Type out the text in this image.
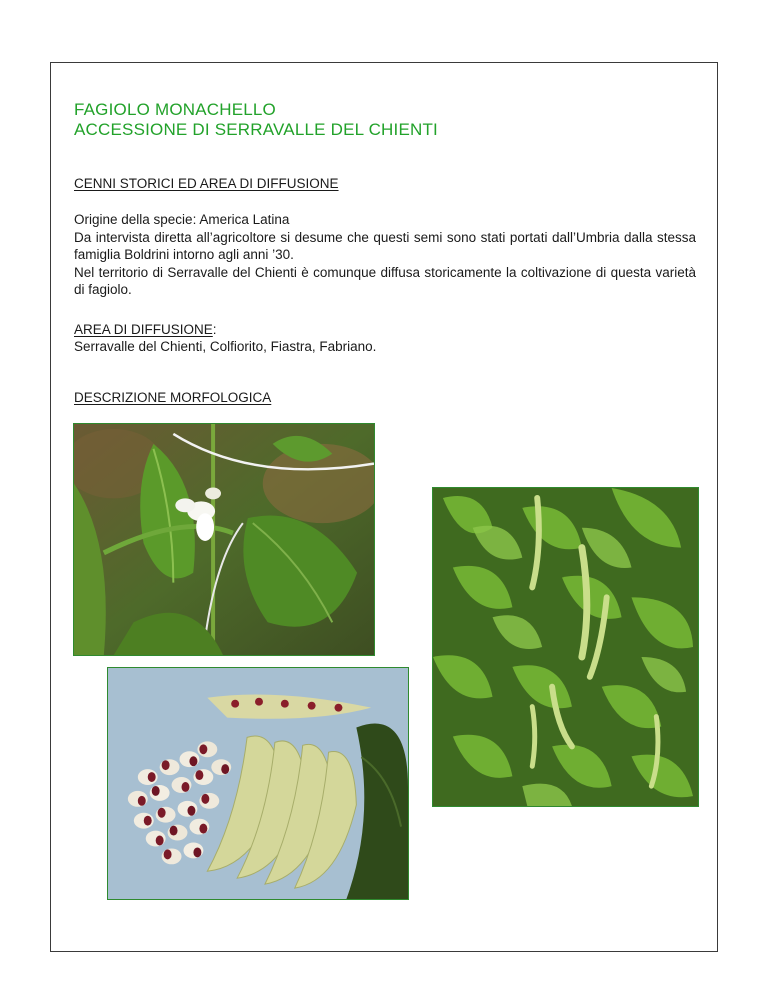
FAGIOLO MONACHELLO
ACCESSIONE DI SERRAVALLE DEL CHIENTI
CENNI STORICI ED AREA DI DIFFUSIONE

Origine della specie: America Latina

Da intervista diretta all’agricoltore si desume che questi semi sono stati portati dall’Umbria dalla stessa famiglia Boldrini intorno agli anni ’30.

Nel territorio di Serravalle del Chienti è comunque diffusa storicamente la coltivazione di questa varietà di fagiolo.

AREA DI DIFFUSIONE:
Serravalle del Chienti, Colfiorito, Fiastra, Fabriano.
DESCRIZIONE MORFOLOGICA
